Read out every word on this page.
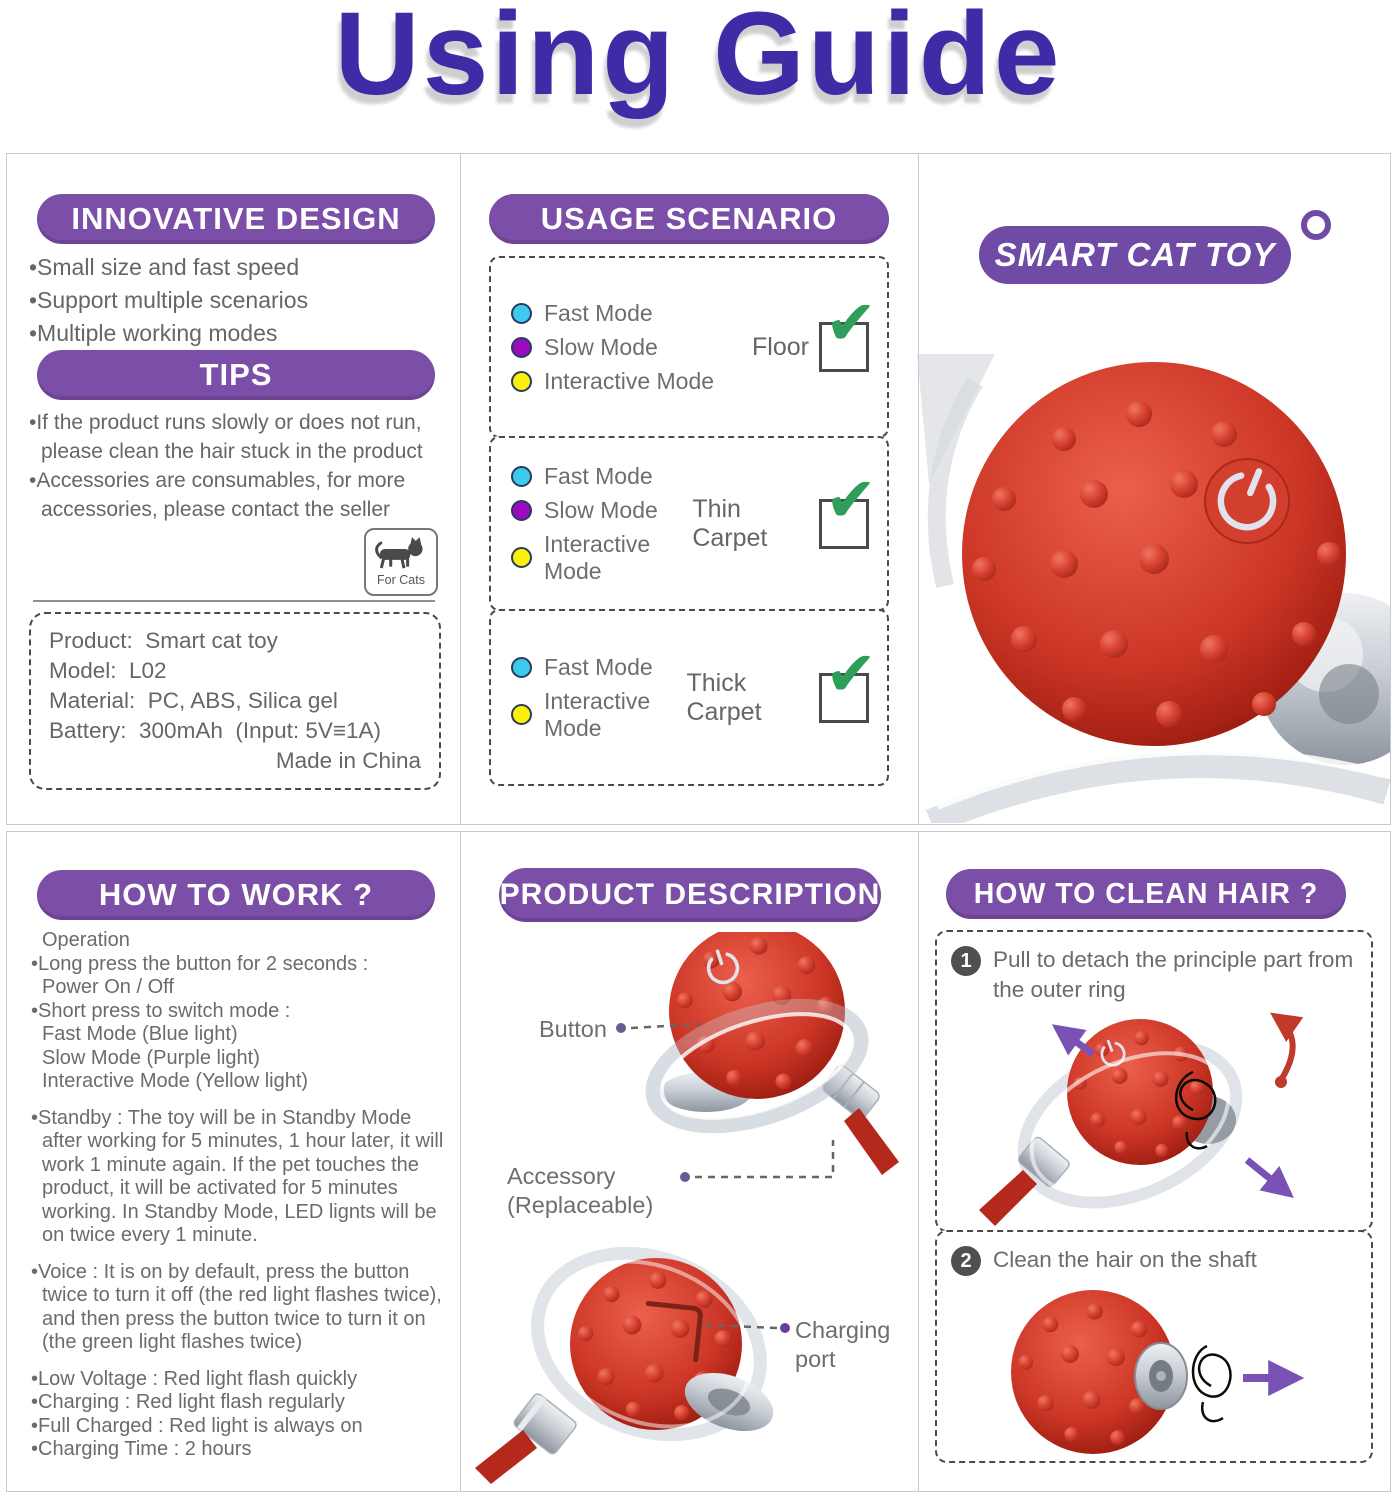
Using Guide
INNOVATIVE DESIGN
•Small size and fast speed
•Support multiple scenarios
•Multiple working modes
TIPS
•If the product runs slowly or does not run, please clean the hair stuck in the product
•Accessories are consumables, for more accessories, please contact the seller
For Cats
Product:  Smart cat toy
Model:  L02
Material:  PC, ABS, Silica gel
Battery:  300mAh  (Input: 5V≡1A)
Made in China
USAGE SCENARIO
Fast Mode
Slow Mode
Interactive Mode
Floor ✔
Fast Mode
Slow Mode
Interactive Mode
Thin Carpet
✔
Fast Mode
Interactive Mode
Thick Carpet
✔
SMART CAT TOY
HOW TO WORK ?
Operation
•Long press the button for 2 seconds :
Power On / Off
•Short press to switch mode :
Fast Mode (Blue light)
Slow Mode (Purple light)
Interactive Mode (Yellow light)
•Standby : The toy will be in Standby Mode after working for 5 minutes, 1 hour later, it will work 1 minute again. If the pet touches the product, it will be activated for 5 minutes working. In Standby Mode, LED lignts will be on twice every 1 minute.
•Voice : It is on by default, press the button twice to turn it off (the red light flashes twice), and then press the button twice to turn it on (the green light flashes twice)
•Low Voltage : Red light flash quickly
•Charging : Red light flash regularly
•Full Charged : Red light is always on
•Charging Time : 2 hours
PRODUCT DESCRIPTION
Button
Accessory
(Replaceable)
Charging port
HOW TO CLEAN HAIR ?
1 Pull to detach the principle part from the outer ring
2 Clean the hair on the shaft
